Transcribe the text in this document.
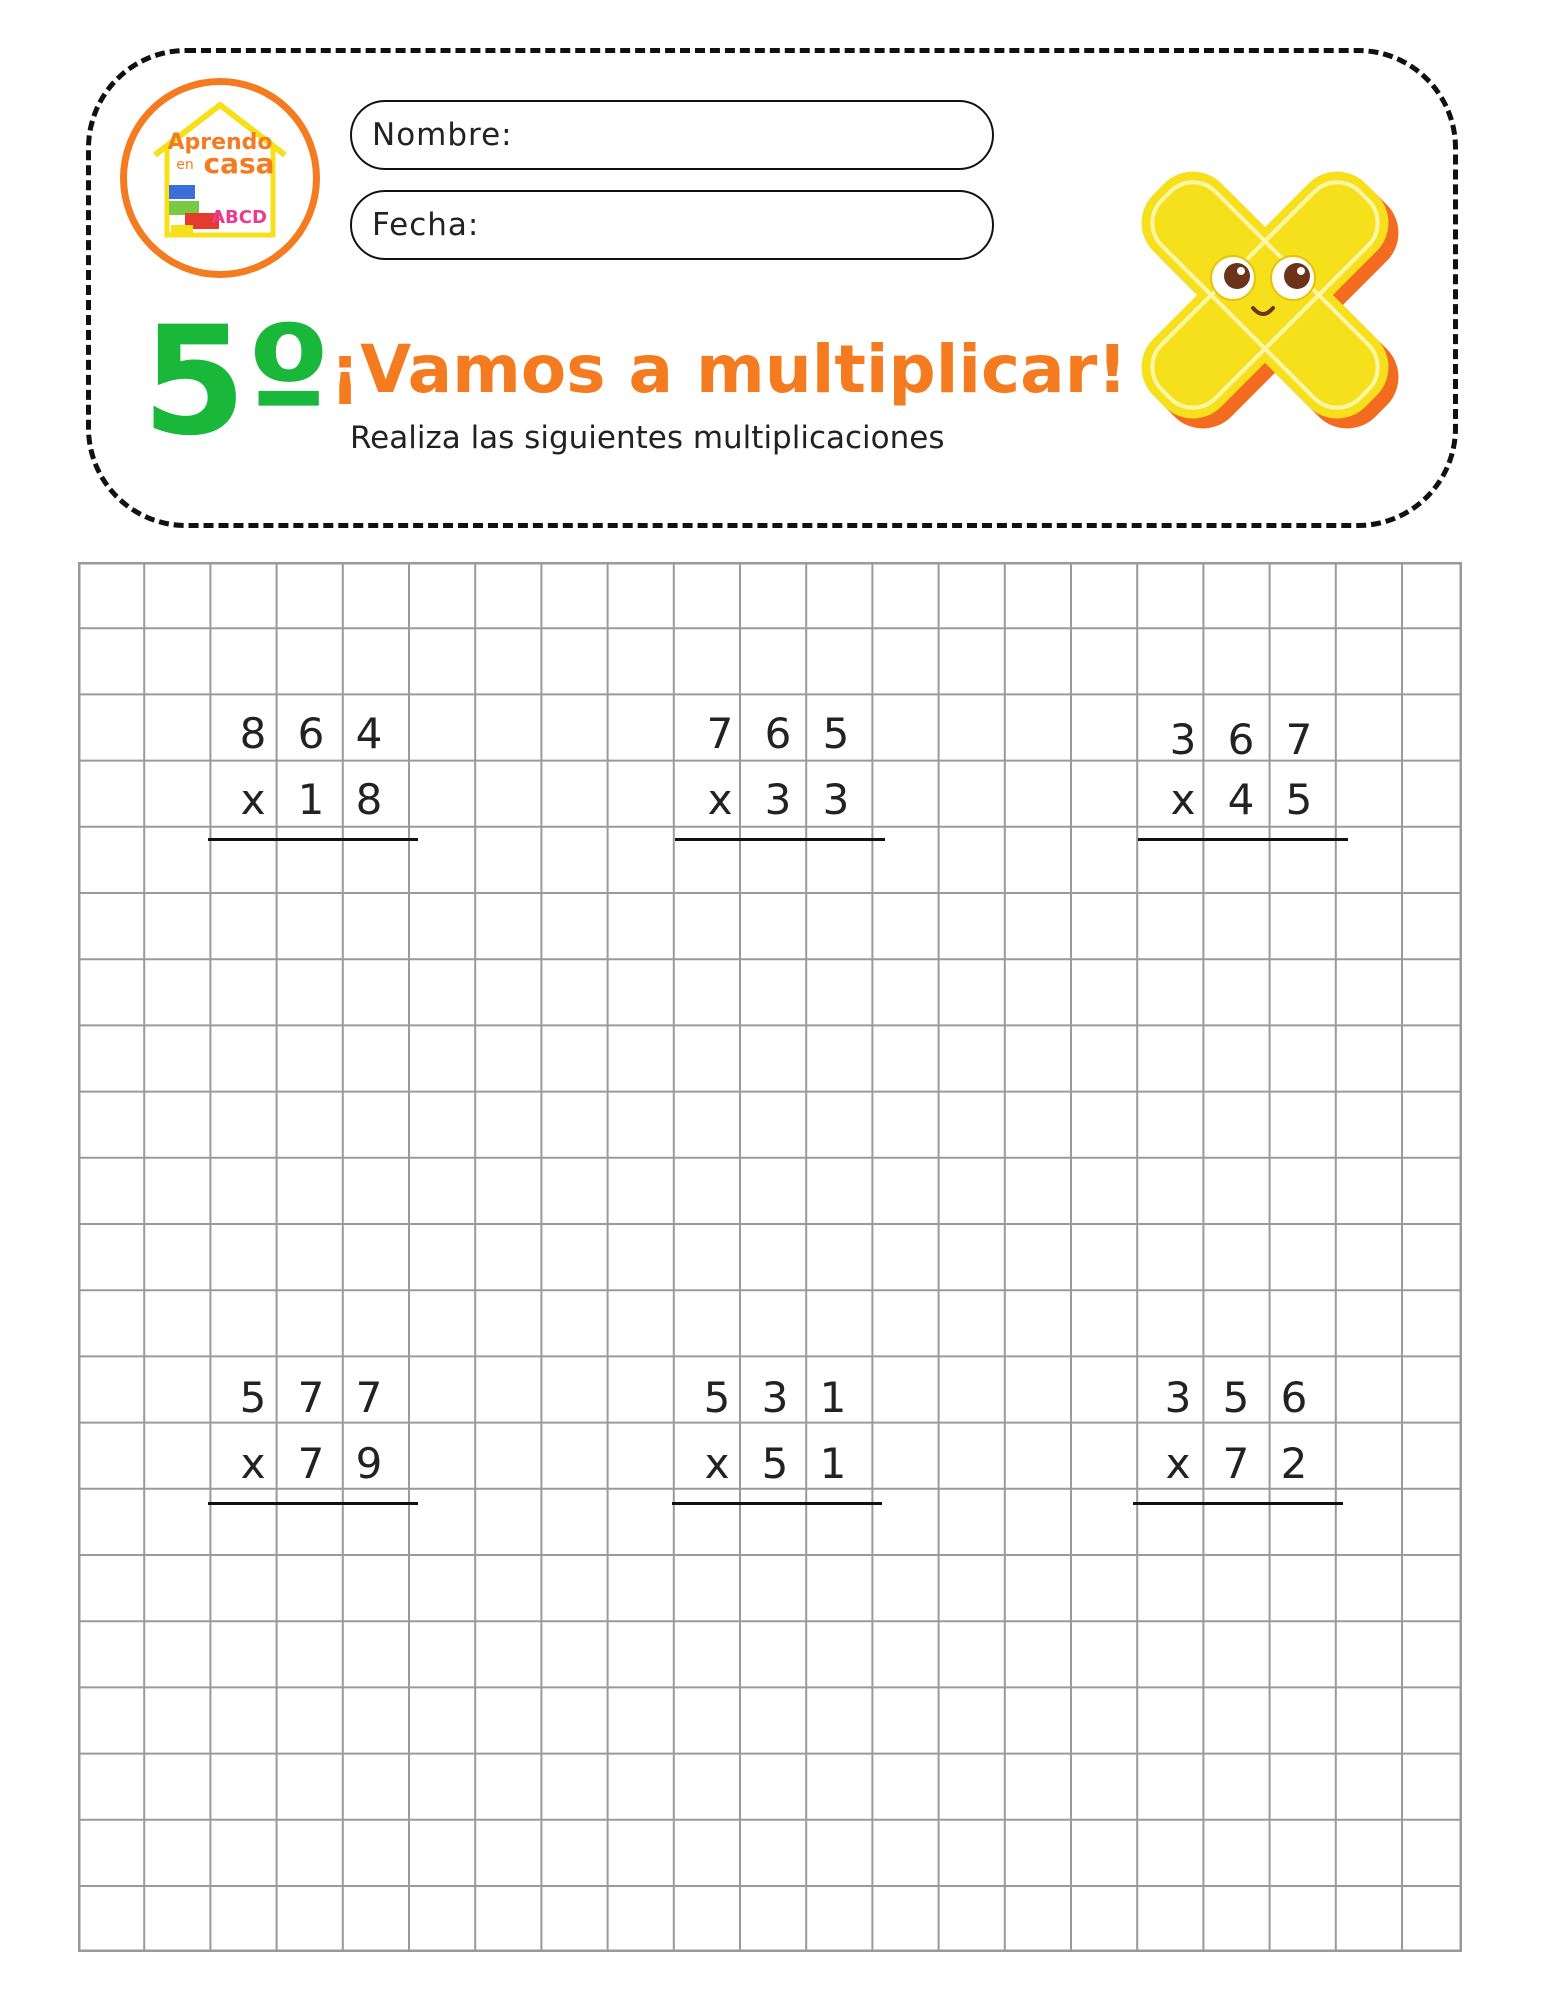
Aprendo
en casa
ABCD
Nombre:
Fecha:
5º ¡Vamos a multiplicar!
Realiza las siguientes multiplicaciones
8 6 4
x 1 8
7 6 5
x 3 3
3 6 7
x 4 5
5 7 7
x 7 9
5 3 1
x 5 1
3 5 6
x 7 2
